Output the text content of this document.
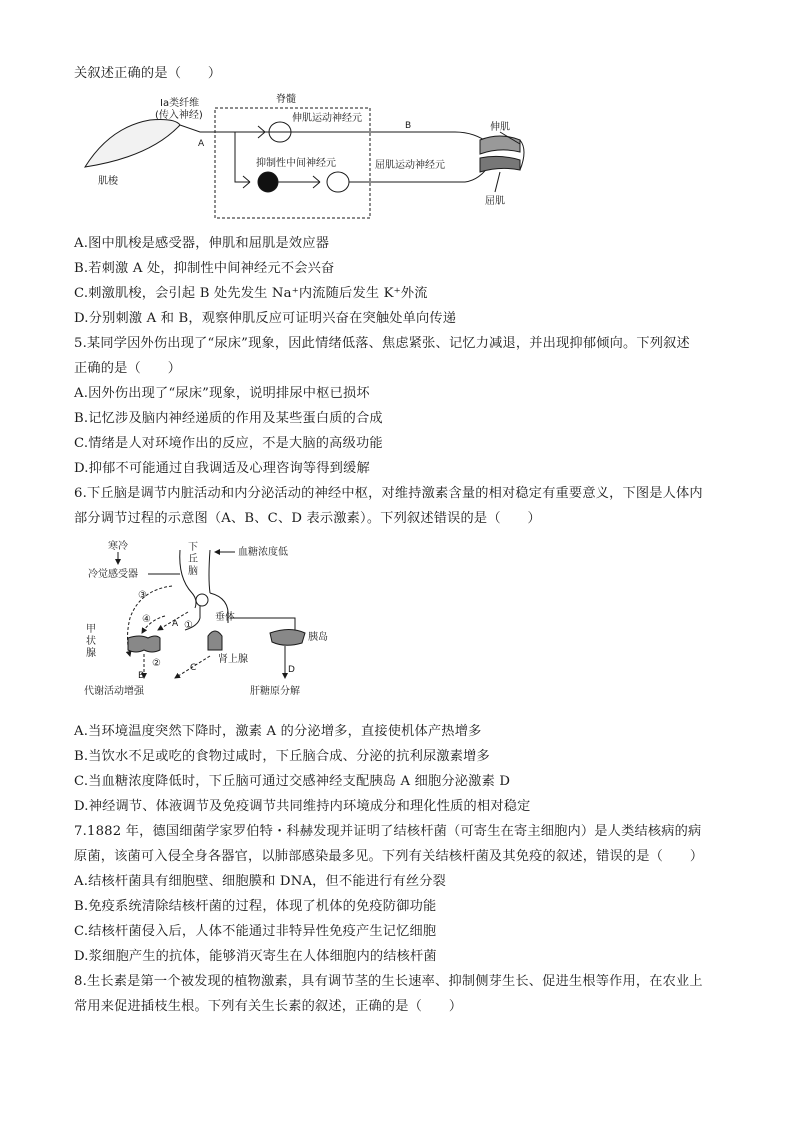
关叙述正确的是（　　）
Ia类纤维
(传入神经)
脊髓
伸肌运动神经元
抑制性中间神经元	屈肌运动神经元
A
B
肌梭
伸肌
屈肌
A.图中肌梭是感受器，伸肌和屈肌是效应器
B.若刺激 A 处，抑制性中间神经元不会兴奋
C.刺激肌梭，会引起 B 处先发生 Na⁺内流随后发生 K⁺外流
D.分别刺激 A 和 B，观察伸肌反应可证明兴奋在突触处单向传递
5.某同学因外伤出现了“尿床”现象，因此情绪低落、焦虑紧张、记忆力减退，并出现抑郁倾向。下列叙述
正确的是（　　）
A.因外伤出现了“尿床”现象，说明排尿中枢已损坏
B.记忆涉及脑内神经递质的作用及某些蛋白质的合成
C.情绪是人对环境作出的反应，不是大脑的高级功能
D.抑郁不可能通过自我调适及心理咨询等得到缓解
6.下丘脑是调节内脏活动和内分泌活动的神经中枢，对维持激素含量的相对稳定有重要意义，下图是人体内
部分调节过程的示意图（A、B、C、D 表示激素）。下列叙述错误的是（　　）
寒冷
冷觉感受器
下
丘
脑
血糖浓度低
垂体
甲
状
腺
肾上腺
胰岛
代谢活动增强	肝糖原分解
A
B
C	D
①
②
③
④
A.当环境温度突然下降时，激素 A 的分泌增多，直接使机体产热增多
B.当饮水不足或吃的食物过咸时，下丘脑合成、分泌的抗利尿激素增多
C.当血糖浓度降低时，下丘脑可通过交感神经支配胰岛 A 细胞分泌激素 D
D.神经调节、体液调节及免疫调节共同维持内环境成分和理化性质的相对稳定
7.1882 年，德国细菌学家罗伯特・科赫发现并证明了结核杆菌（可寄生在寄主细胞内）是人类结核病的病
原菌，该菌可入侵全身各器官，以肺部感染最多见。下列有关结核杆菌及其免疫的叙述，错误的是（　　）
A.结核杆菌具有细胞壁、细胞膜和 DNA，但不能进行有丝分裂
B.免疫系统清除结核杆菌的过程，体现了机体的免疫防御功能
C.结核杆菌侵入后，人体不能通过非特异性免疫产生记忆细胞
D.浆细胞产生的抗体，能够消灭寄生在人体细胞内的结核杆菌
8.生长素是第一个被发现的植物激素，具有调节茎的生长速率、抑制侧芽生长、促进生根等作用，在农业上
常用来促进插枝生根。下列有关生长素的叙述，正确的是（　　）
